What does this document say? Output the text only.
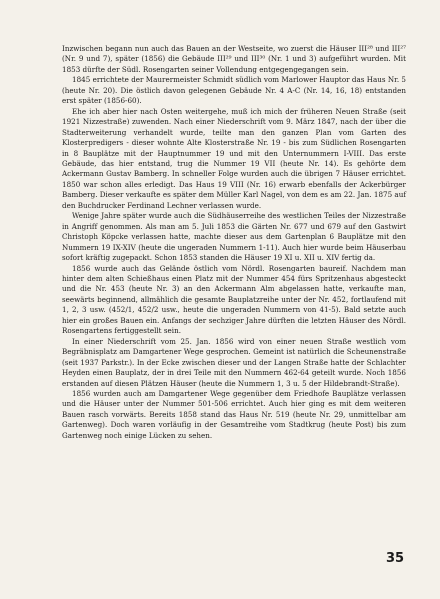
Inzwischen begann nun auch das Bauen an der Westseite, wo zuerst die Häuser III²⁸ und III²⁷ (Nr. 9 und 7), später (1856) die Gebäude III²⁹ und III³⁰ (Nr. 1 und 3) aufgeführt wurden. Mit 1853 dürfte der Südl. Rosengarten seiner Vollendung entgegengegangen sein.

1845 errichtete der Maurermeister Schmidt südlich vom Marlower Hauptor das Haus Nr. 5 (heute Nr. 20). Die östlich davon gelegenen Gebäude Nr. 4 A-C (Nr. 14, 16, 18) entstanden erst später (1856-60).

Ehe ich aber hier nach Osten weitergehe, muß ich mich der früheren Neuen Straße (seit 1921 Nizzestraße) zuwenden. Nach einer Niederschrift vom 9. März 1847, nach der über die Stadterweiterung verhandelt wurde, teilte man den ganzen Plan vom Garten des Klosterpredigers - dieser wohnte Alte Klosterstraße Nr. 19 - bis zum Südlichen Rosengarten in 8 Bauplätze mit der Hauptnummer 19 und mit den Unternummern I-VIII. Das erste Gebäude, das hier entstand, trug die Nummer 19 VII (heute Nr. 14). Es gehörte dem Ackermann Gustav Bamberg. In schneller Folge wurden auch die übrigen 7 Häuser errichtet. 1850 war schon alles erledigt. Das Haus 19 VIII (Nr. 16) erwarb ebenfalls der Ackerbürger Bamberg. Dieser verkaufte es später dem Müller Karl Nagel, von dem es am 22. Jan. 1875 auf den Buchdrucker Ferdinand Lechner verlassen wurde.

Wenige Jahre später wurde auch die Südhäuserreihe des westlichen Teiles der Nizzestraße in Angriff genommen. Als man am 5. Juli 1853 die Gärten Nr. 677 und 679 auf den Gastwirt Christoph Köpcke verlassen hatte, machte dieser aus dem Gartenplan 6 Bauplätze mit den Nummern 19 IX-XIV (heute die ungeraden Nummern 1-11). Auch hier wurde beim Häuserbau sofort kräftig zugepackt. Schon 1853 standen die Häuser 19 XI u. XII u. XIV fertig da.

1856 wurde auch das Gelände östlich vom Nördl. Rosengarten baureif. Nachdem man hinter dem alten Schießhaus einen Platz mit der Nummer 454 fürs Spritzenhaus abgesteckt und die Nr. 453 (heute Nr. 3) an den Ackermann Alm abgelassen hatte, verkaufte man, seewärts beginnend, allmählich die gesamte Bauplatzreihe unter der Nr. 452, fortlaufend mit 1, 2, 3 usw. (452/1, 452/2 usw., heute die ungeraden Nummern von 41-5). Bald setzte auch hier ein großes Bauen ein. Anfangs der sechziger Jahre dürften die letzten Häuser des Nördl. Rosengartens fertiggestellt sein.

In einer Niederschrift vom 25. Jan. 1856 wird von einer neuen Straße westlich vom Begräbnisplatz am Damgartener Wege gesprochen. Gemeint ist natürlich die Scheunenstraße (seit 1937 Parkstr.). In der Ecke zwischen dieser und der Langen Straße hatte der Schlachter Heyden einen Bauplatz, der in drei Teile mit den Nummern 462-64 geteilt wurde. Noch 1856 erstanden auf diesen Plätzen Häuser (heute die Nummern 1, 3 u. 5 der Hildebrandt-Straße).

1856 wurden auch am Damgartener Wege gegenüber dem Friedhofe Bauplätze verlassen und die Häuser unter der Nummer 501-506 errichtet. Auch hier ging es mit dem weiteren Bauen rasch vorwärts. Bereits 1858 stand das Haus Nr. 519 (heute Nr. 29, unmittelbar am Gartenweg). Doch waren vorläufig in der Gesamtreihe vom Stadtkrug (heute Post) bis zum Gartenweg noch einige Lücken zu sehen.

35
